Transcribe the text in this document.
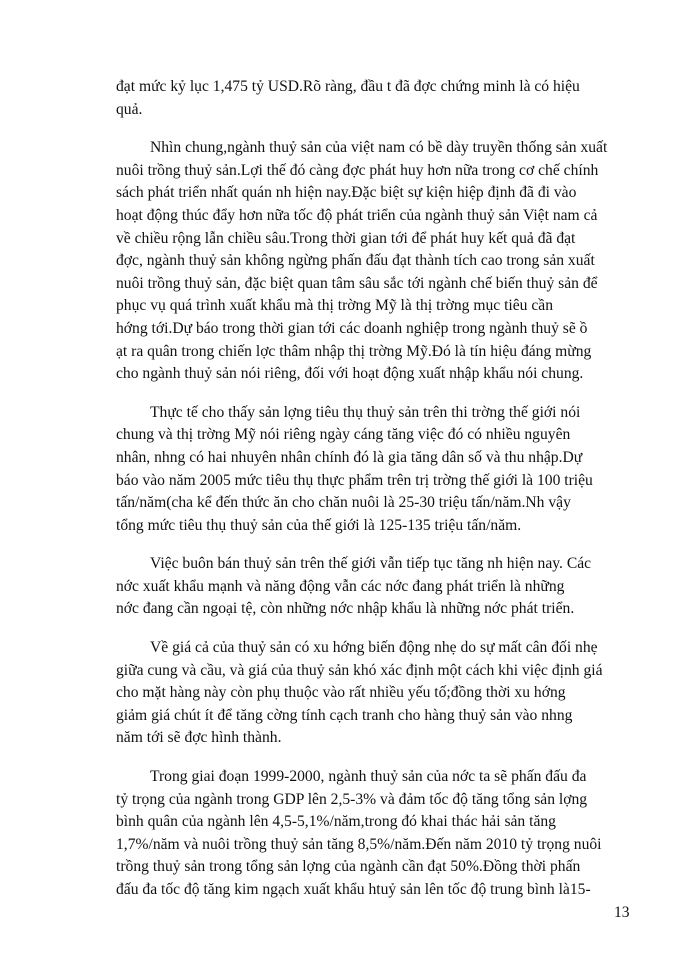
đạt mức kỷ lục 1,475 tỷ USD.Rõ ràng, đầu t đã đợc chứng minh là có hiệu
quả.
Nhìn chung,ngành thuỷ sản của việt nam có bề dày truyền thống sản xuất
nuôi trồng thuỷ sản.Lợi thế đó càng đợc phát huy hơn nữa trong cơ chế chính
sách phát triển nhất quán nh hiện nay.Đặc biệt sự kiện hiệp định đã đi vào
hoạt động thúc đẩy hơn nữa tốc độ phát triển của ngành thuỷ sản Việt nam cả
về chiều rộng lẫn chiều sâu.Trong thời gian tới để phát huy kết quả đã đạt
đợc, ngành thuỷ sản không ngừng phấn đấu đạt thành tích cao trong sản xuất
nuôi trồng thuỷ sản, đặc biệt quan tâm sâu sắc tới ngành chế biến thuỷ sản để
phục vụ quá trình xuất khẩu mà thị trờng Mỹ là thị trờng mục tiêu cần
hớng tới.Dự báo trong thời gian tới các doanh nghiệp trong ngành thuỷ sẽ ồ
ạt ra quân trong chiến lợc thâm nhập thị trờng Mỹ.Đó là tín hiệu đáng mừng
cho ngành thuỷ sản nói riêng, đối với hoạt động xuất nhập khẩu nói chung.
Thực tế cho thấy sản lợng tiêu thụ thuỷ sản trên thi trờng thế giới nói
chung và thị trờng Mỹ nói riêng ngày cáng tăng việc đó có nhiều nguyên
nhân, nhng có hai nhuyên nhân chính đó là gia tăng dân số và thu nhập.Dự
báo vào năm 2005 mức tiêu thụ thực phẩm trên trị trờng thế giới là 100 triệu
tấn/năm(cha kể đến thức ăn cho chăn nuôi là 25-30 triệu tấn/năm.Nh vậy
tổng mức tiêu thụ thuỷ sản của thế giới là 125-135 triệu tấn/năm.
Việc buôn bán thuỷ sản trên thế giới vẫn tiếp tục tăng nh hiện nay. Các
nớc xuất khẩu mạnh và năng động vẫn các nớc đang phát triển là những
nớc đang cần ngoại tệ, còn những nớc nhập khẩu là những nớc phát triển.
Về giá cả của thuỷ sản có xu hớng biến động nhẹ do sự mất cân đối nhẹ
giữa cung và cầu, và giá của thuỷ sản khó xác định một cách khi việc định giá
cho mặt hàng này còn phụ thuộc vào rất nhiều yếu tố;đồng thời xu hớng
giảm giá chút ít để tăng cờng tính cạch tranh cho hàng thuỷ sản vào nhng
năm tới sẽ đợc hình thành.
Trong giai đoạn 1999-2000, ngành thuỷ sản của nớc ta sẽ phấn đấu đa
tỷ trọng của ngành trong GDP lên 2,5-3% và đảm tốc độ tăng tổng sản lợng
bình quân của ngành lên 4,5-5,1%/năm,trong đó khai thác hải sản tăng
1,7%/năm và nuôi trồng thuỷ sản tăng 8,5%/năm.Đến năm 2010 tỷ trọng nuôi
trồng thuỷ sản trong tổng sản lợng của ngành cần đạt 50%.Đồng thời phấn
đấu đa tốc độ tăng kim ngạch xuất khẩu htuỷ sản lên tốc độ trung bình là15-
13
